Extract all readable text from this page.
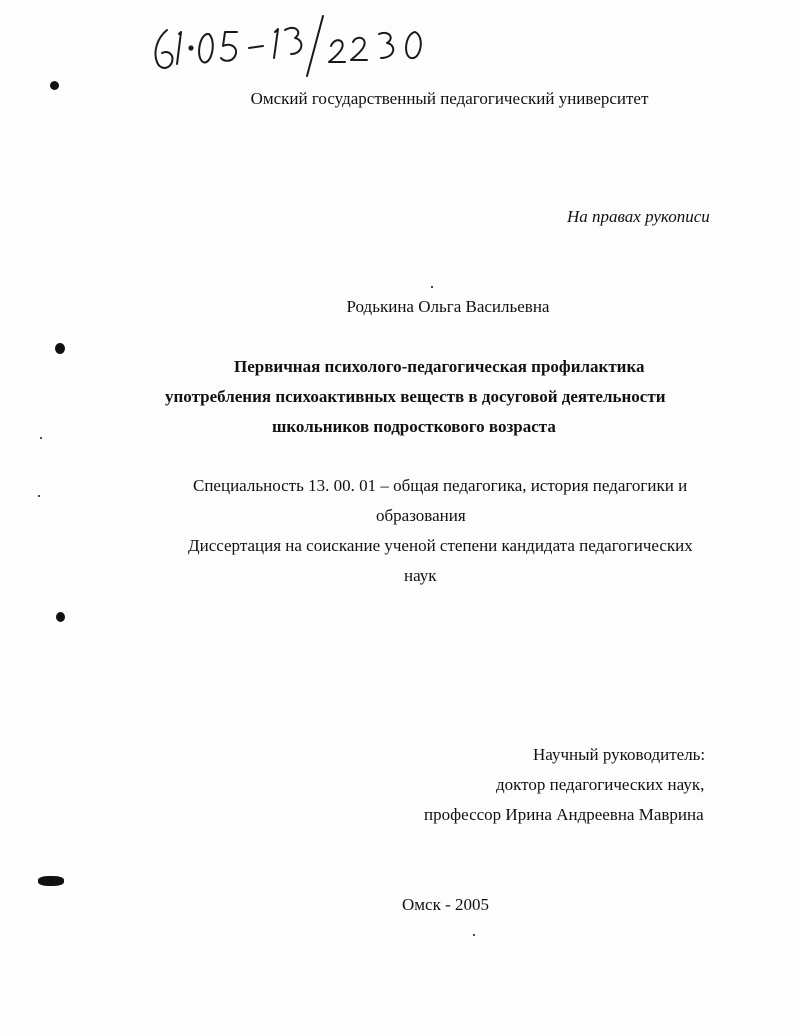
Омский государственный педагогический университет
На правах рукописи
Родькина Ольга Васильевна
Первичная психолого-педагогическая профилактика
употребления психоактивных веществ в досуговой деятельности
школьников подросткового возраста
Специальность 13. 00. 01 – общая педагогика, история педагогики и
образования
Диссертация на соискание ученой степени кандидата педагогических
наук
Научный руководитель:
доктор педагогических наук,
профессор Ирина Андреевна Маврина
Омск - 2005
